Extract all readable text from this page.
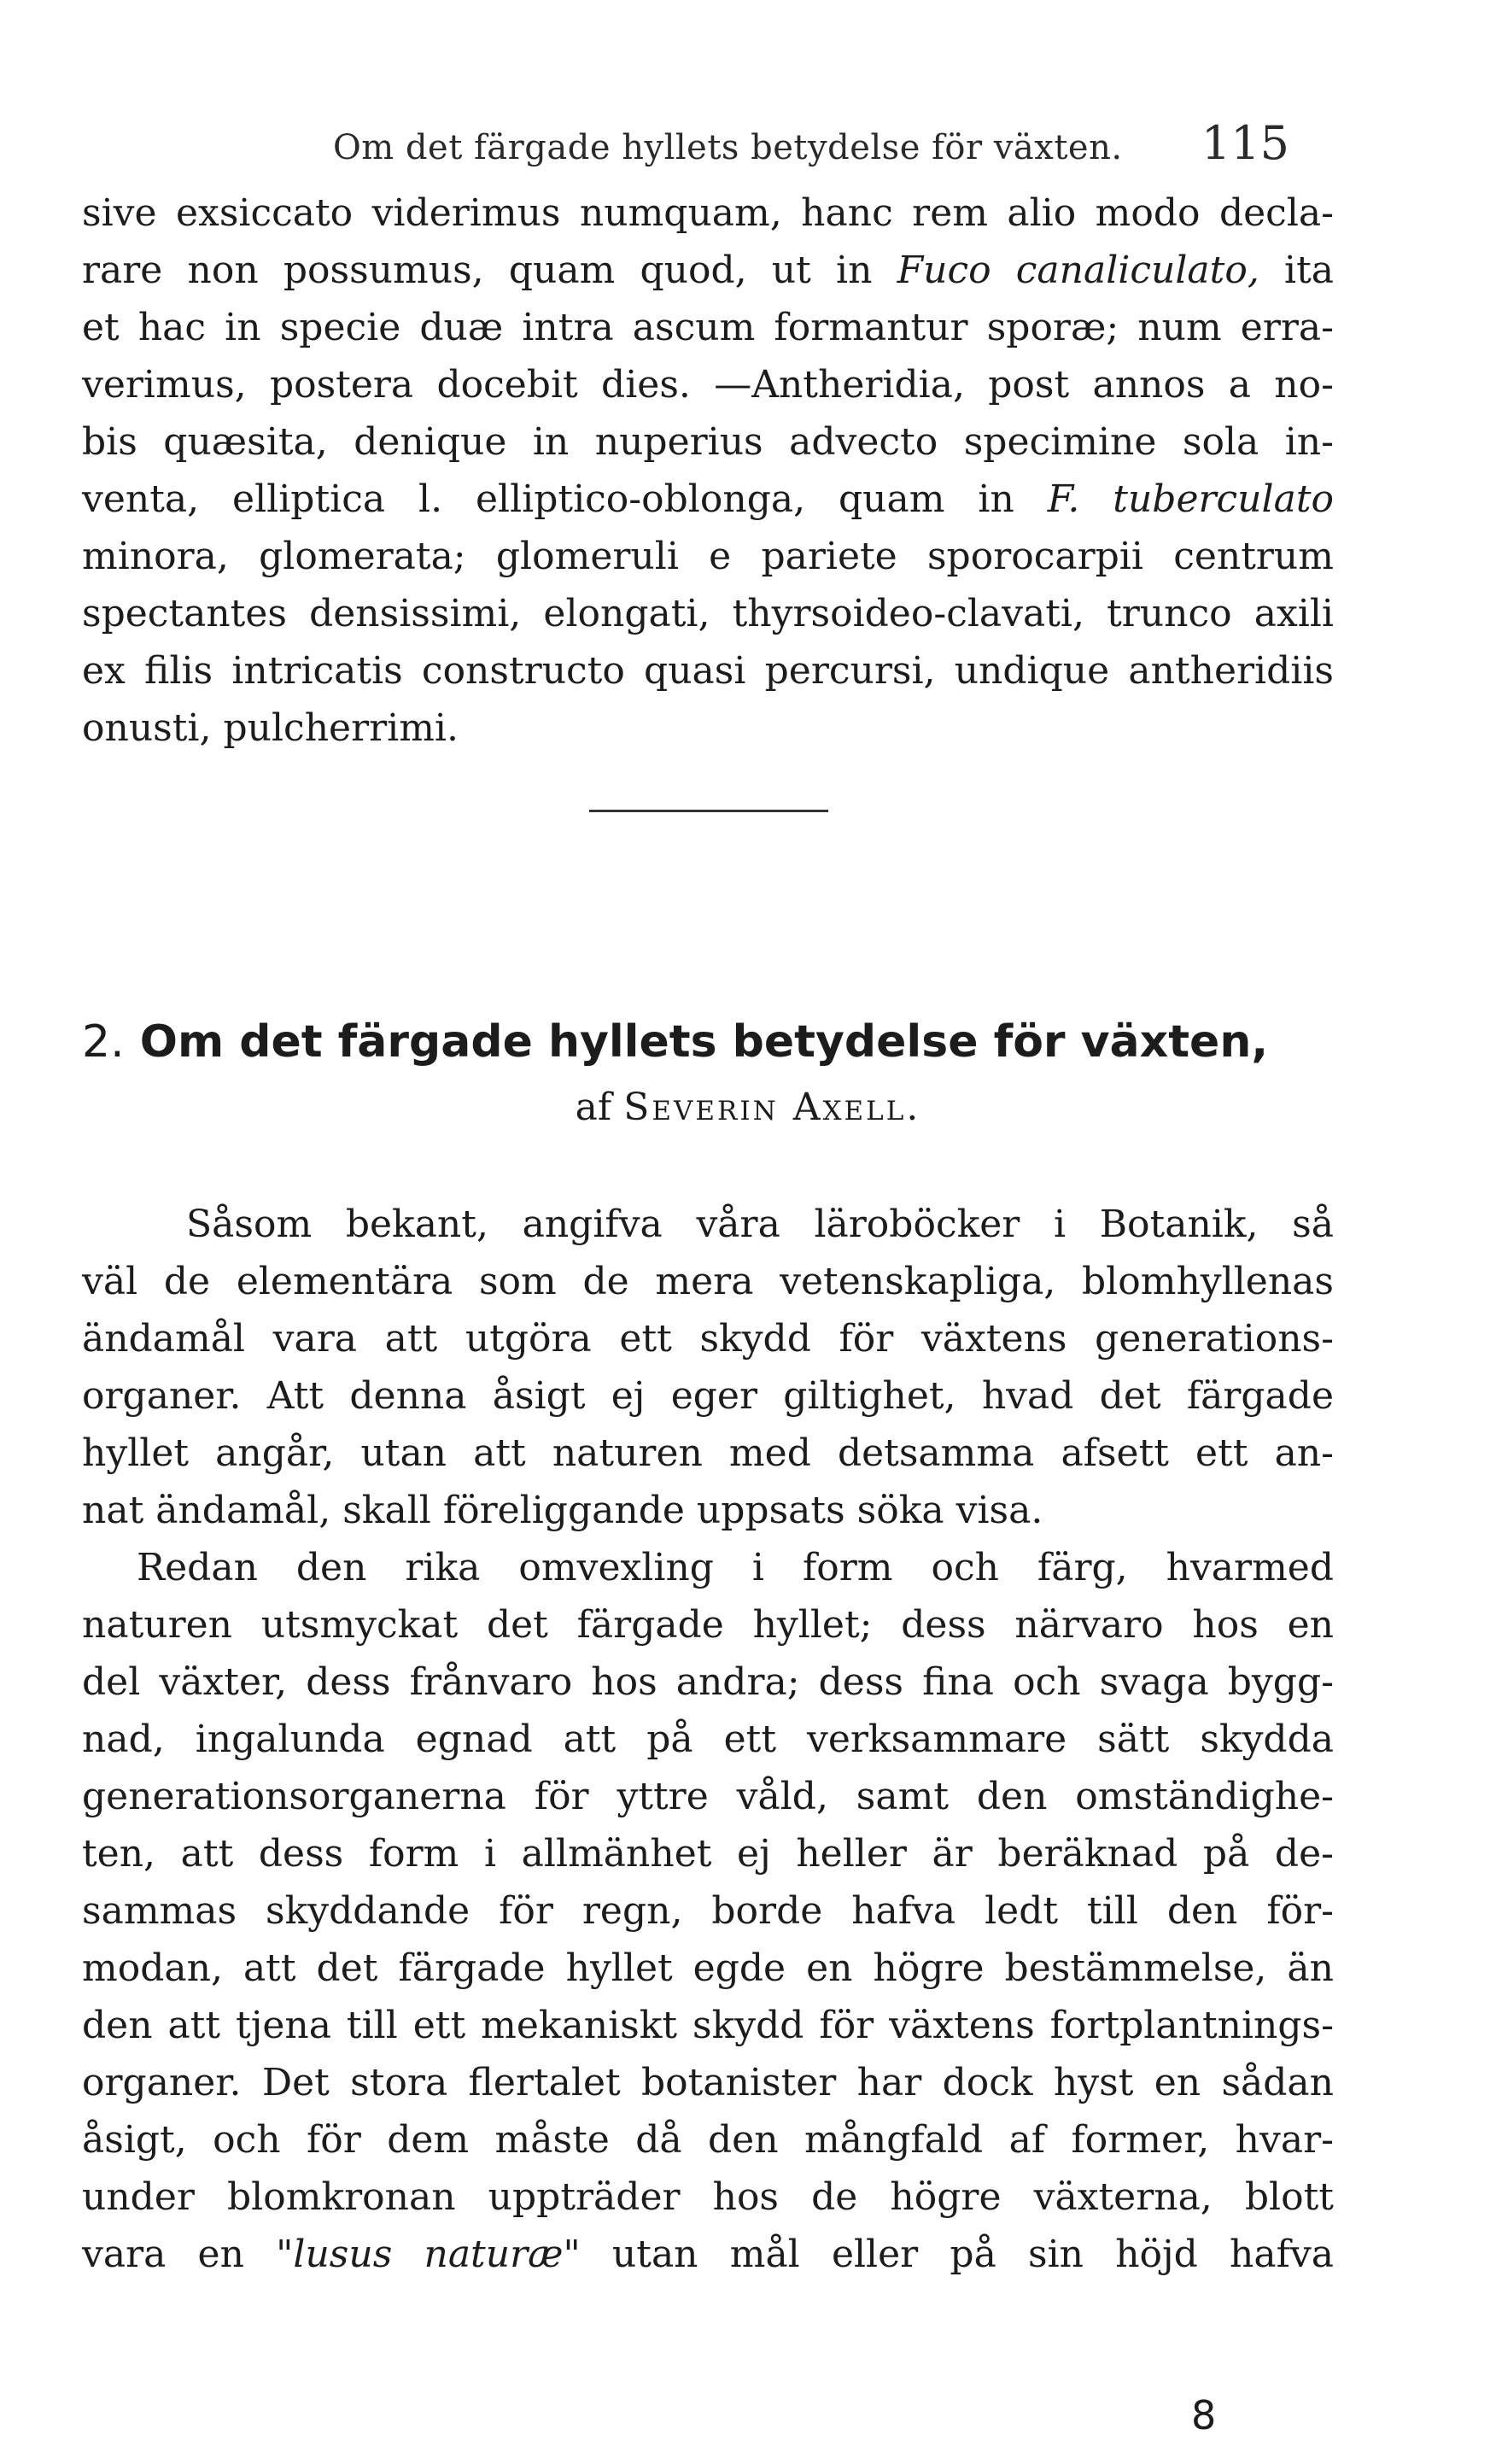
Om det färgade hyllets betydelse för växten. 115
sive exsiccato viderimus numquam, hanc rem alio modo decla-
rare non possumus, quam quod, ut in Fuco canaliculato, ita
et hac in specie duæ intra ascum formantur sporæ; num erra-
verimus, postera docebit dies. —Antheridia, post annos a no-
bis quæsita, denique in nuperius advecto specimine sola in-
venta, elliptica l. elliptico-oblonga, quam in F. tuberculato
minora, glomerata; glomeruli e pariete sporocarpii centrum
spectantes densissimi, elongati, thyrsoideo-clavati, trunco axili
ex filis intricatis constructo quasi percursi, undique antheridiis
onusti, pulcherrimi.
2. Om det färgade hyllets betydelse för växten,
af Severin Axell.
Såsom bekant, angifva våra läroböcker i Botanik, så
väl de elementära som de mera vetenskapliga, blomhyllenas
ändamål vara att utgöra ett skydd för växtens generations-
organer. Att denna åsigt ej eger giltighet, hvad det färgade
hyllet angår, utan att naturen med detsamma afsett ett an-
nat ändamål, skall föreliggande uppsats söka visa.
Redan den rika omvexling i form och färg, hvarmed
naturen utsmyckat det färgade hyllet; dess närvaro hos en
del växter, dess frånvaro hos andra; dess fina och svaga bygg-
nad, ingalunda egnad att på ett verksammare sätt skydda
generationsorganerna för yttre våld, samt den omständighe-
ten, att dess form i allmänhet ej heller är beräknad på de-
sammas skyddande för regn, borde hafva ledt till den för-
modan, att det färgade hyllet egde en högre bestämmelse, än
den att tjena till ett mekaniskt skydd för växtens fortplantnings-
organer. Det stora flertalet botanister har dock hyst en sådan
åsigt, och för dem måste då den mångfald af former, hvar-
under blomkronan uppträder hos de högre växterna, blott
vara en "lusus naturæ" utan mål eller på sin höjd hafva
8
